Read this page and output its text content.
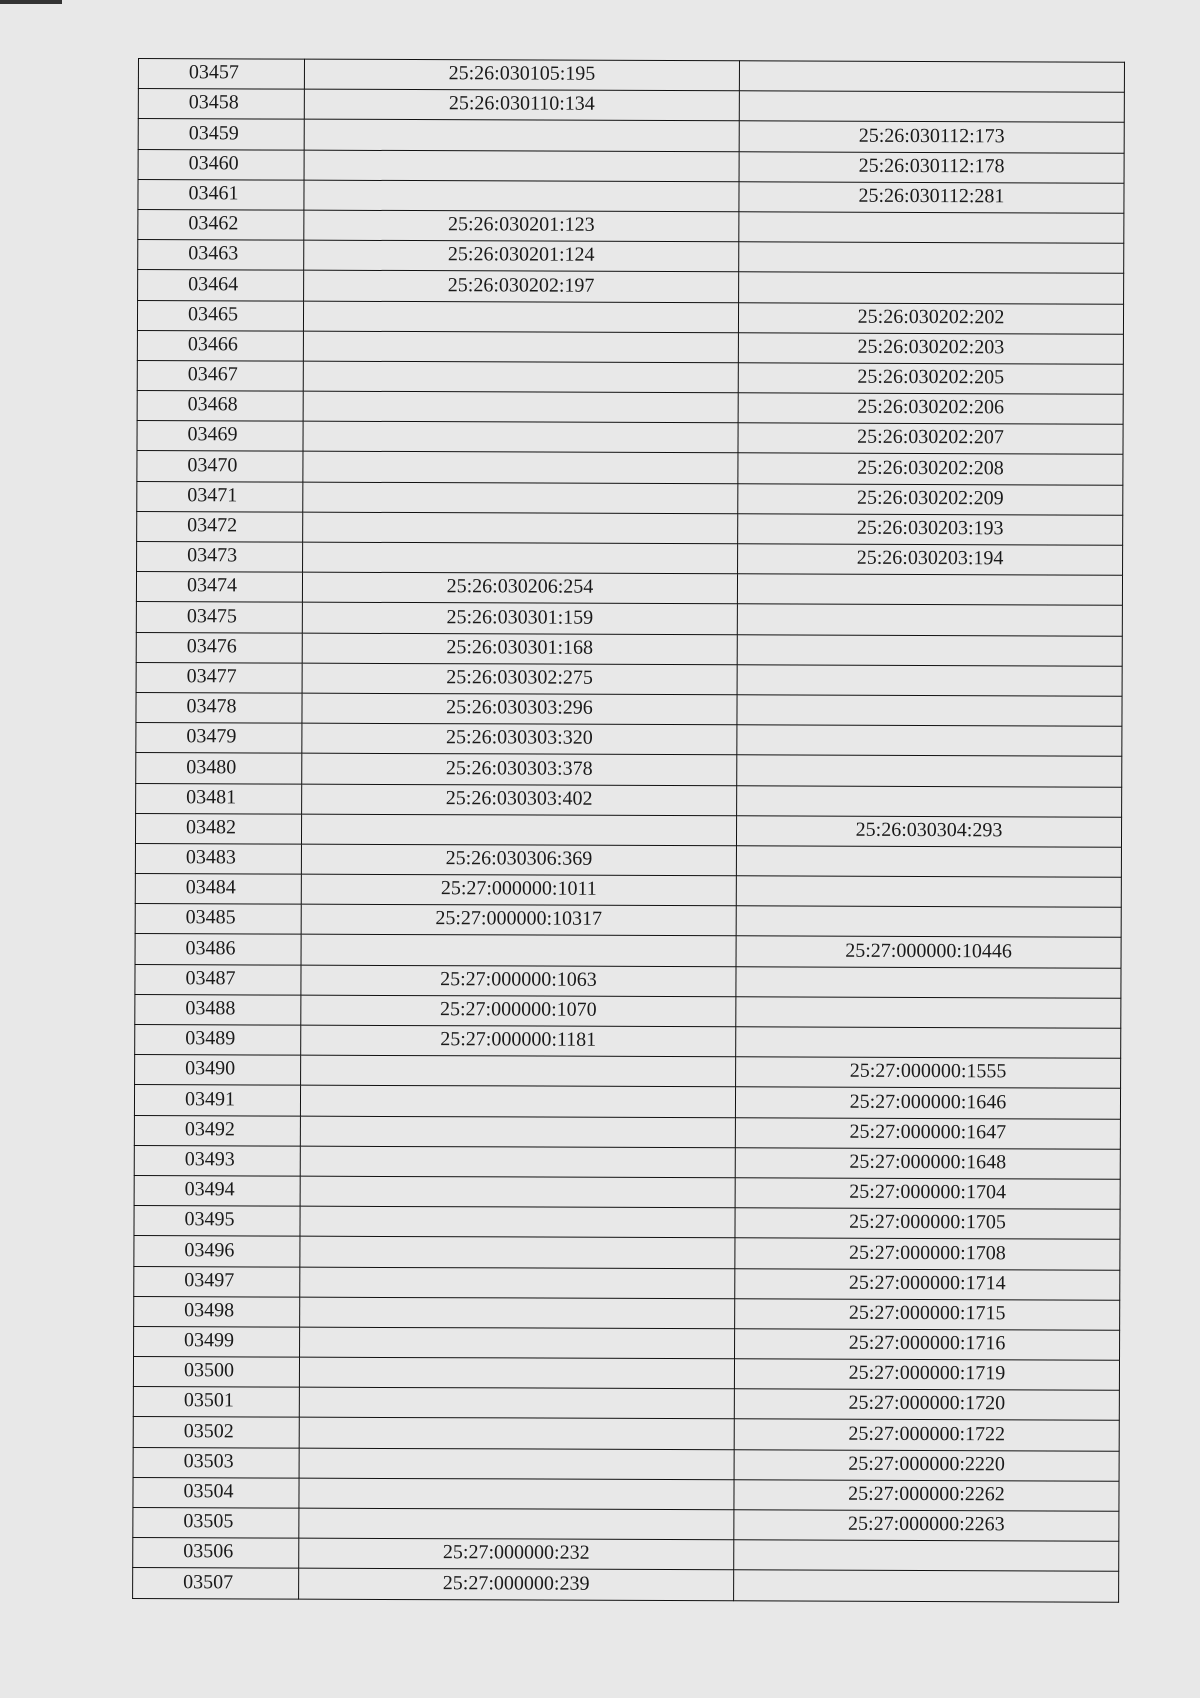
03457	25:26:030105:195	
03458	25:26:030110:134	
03459		25:26:030112:173
03460		25:26:030112:178
03461		25:26:030112:281
03462	25:26:030201:123	
03463	25:26:030201:124	
03464	25:26:030202:197	
03465		25:26:030202:202
03466		25:26:030202:203
03467		25:26:030202:205
03468		25:26:030202:206
03469		25:26:030202:207
03470		25:26:030202:208
03471		25:26:030202:209
03472		25:26:030203:193
03473		25:26:030203:194
03474	25:26:030206:254	
03475	25:26:030301:159	
03476	25:26:030301:168	
03477	25:26:030302:275	
03478	25:26:030303:296	
03479	25:26:030303:320	
03480	25:26:030303:378	
03481	25:26:030303:402	
03482		25:26:030304:293
03483	25:26:030306:369	
03484	25:27:000000:1011	
03485	25:27:000000:10317	
03486		25:27:000000:10446
03487	25:27:000000:1063	
03488	25:27:000000:1070	
03489	25:27:000000:1181	
03490		25:27:000000:1555
03491		25:27:000000:1646
03492		25:27:000000:1647
03493		25:27:000000:1648
03494		25:27:000000:1704
03495		25:27:000000:1705
03496		25:27:000000:1708
03497		25:27:000000:1714
03498		25:27:000000:1715
03499		25:27:000000:1716
03500		25:27:000000:1719
03501		25:27:000000:1720
03502		25:27:000000:1722
03503		25:27:000000:2220
03504		25:27:000000:2262
03505		25:27:000000:2263
03506	25:27:000000:232	
03507	25:27:000000:239	
